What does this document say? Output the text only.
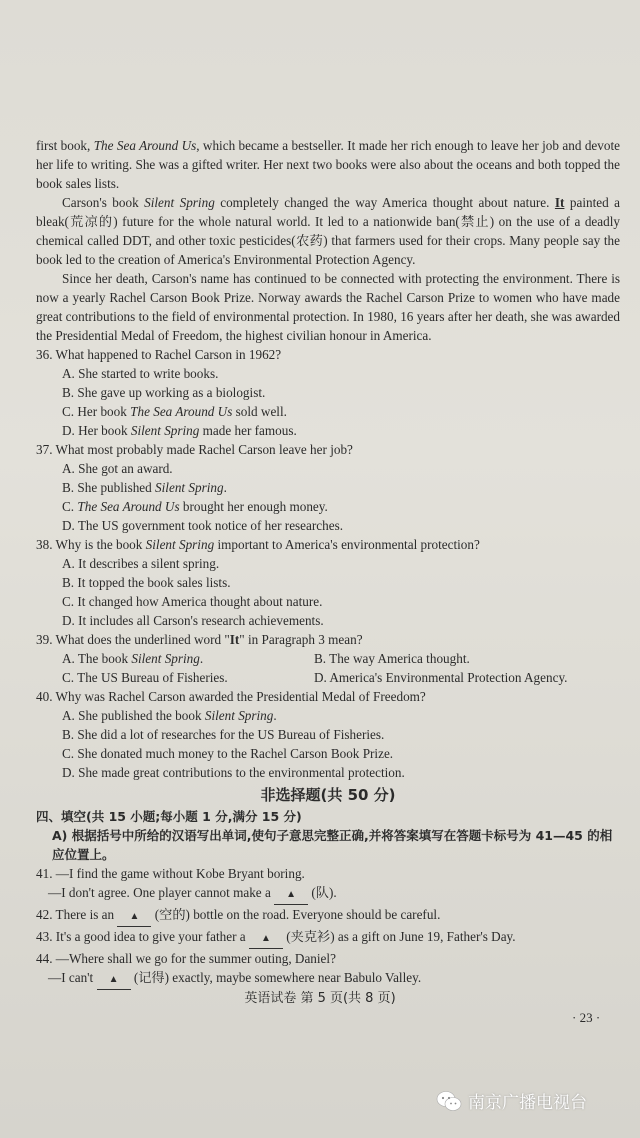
first book, The Sea Around Us, which became a bestseller. It made her rich enough to leave her job and devote her life to writing. She was a gifted writer. Her next two books were also about the oceans and both topped the book sales lists.

Carson's book Silent Spring completely changed the way America thought about nature. It painted a bleak(荒凉的) future for the whole natural world. It led to a nationwide ban(禁止) on the use of a deadly chemical called DDT, and other toxic pesticides(农药) that farmers used for their crops. Many people say the book led to the creation of America's Environmental Protection Agency.

Since her death, Carson's name has continued to be connected with protecting the environment. There is now a yearly Rachel Carson Book Prize. Norway awards the Rachel Carson Prize to women who have made great contributions to the field of environmental protection. In 1980, 16 years after her death, she was awarded the Presidential Medal of Freedom, the highest civilian honour in America.

36. What happened to Rachel Carson in 1962?
A. She started to write books.
B. She gave up working as a biologist.
C. Her book The Sea Around Us sold well.
D. Her book Silent Spring made her famous.
37. What most probably made Rachel Carson leave her job?
A. She got an award.
B. She published Silent Spring.
C. The Sea Around Us brought her enough money.
D. The US government took notice of her researches.
38. Why is the book Silent Spring important to America's environmental protection?
A. It describes a silent spring.
B. It topped the book sales lists.
C. It changed how America thought about nature.
D. It includes all Carson's research achievements.
39. What does the underlined word "It" in Paragraph 3 mean?
A. The book Silent Spring.	B. The way America thought.
C. The US Bureau of Fisheries.	D. America's Environmental Protection Agency.
40. Why was Rachel Carson awarded the Presidential Medal of Freedom?
A. She published the book Silent Spring.
B. She did a lot of researches for the US Bureau of Fisheries.
C. She donated much money to the Rachel Carson Book Prize.
D. She made great contributions to the environmental protection.
非选择题(共 50 分)
四、填空(共 15 小题;每小题 1 分,满分 15 分)
A) 根据括号中所给的汉语写出单词,使句子意思完整正确,并将答案填写在答题卡标号为 41—45 的相应位置上。
41. —I find the game without Kobe Bryant boring.
—I don't agree. One player cannot make a ▲ (队).
42. There is an ▲ (空的) bottle on the road. Everyone should be careful.
43. It's a good idea to give your father a ▲ (夹克衫) as a gift on June 19, Father's Day.
44. —Where shall we go for the summer outing, Daniel?
—I can't ▲ (记得) exactly, maybe somewhere near Babulo Valley.
英语试卷 第 5 页(共 8 页)
· 23 ·
南京广播电视台
